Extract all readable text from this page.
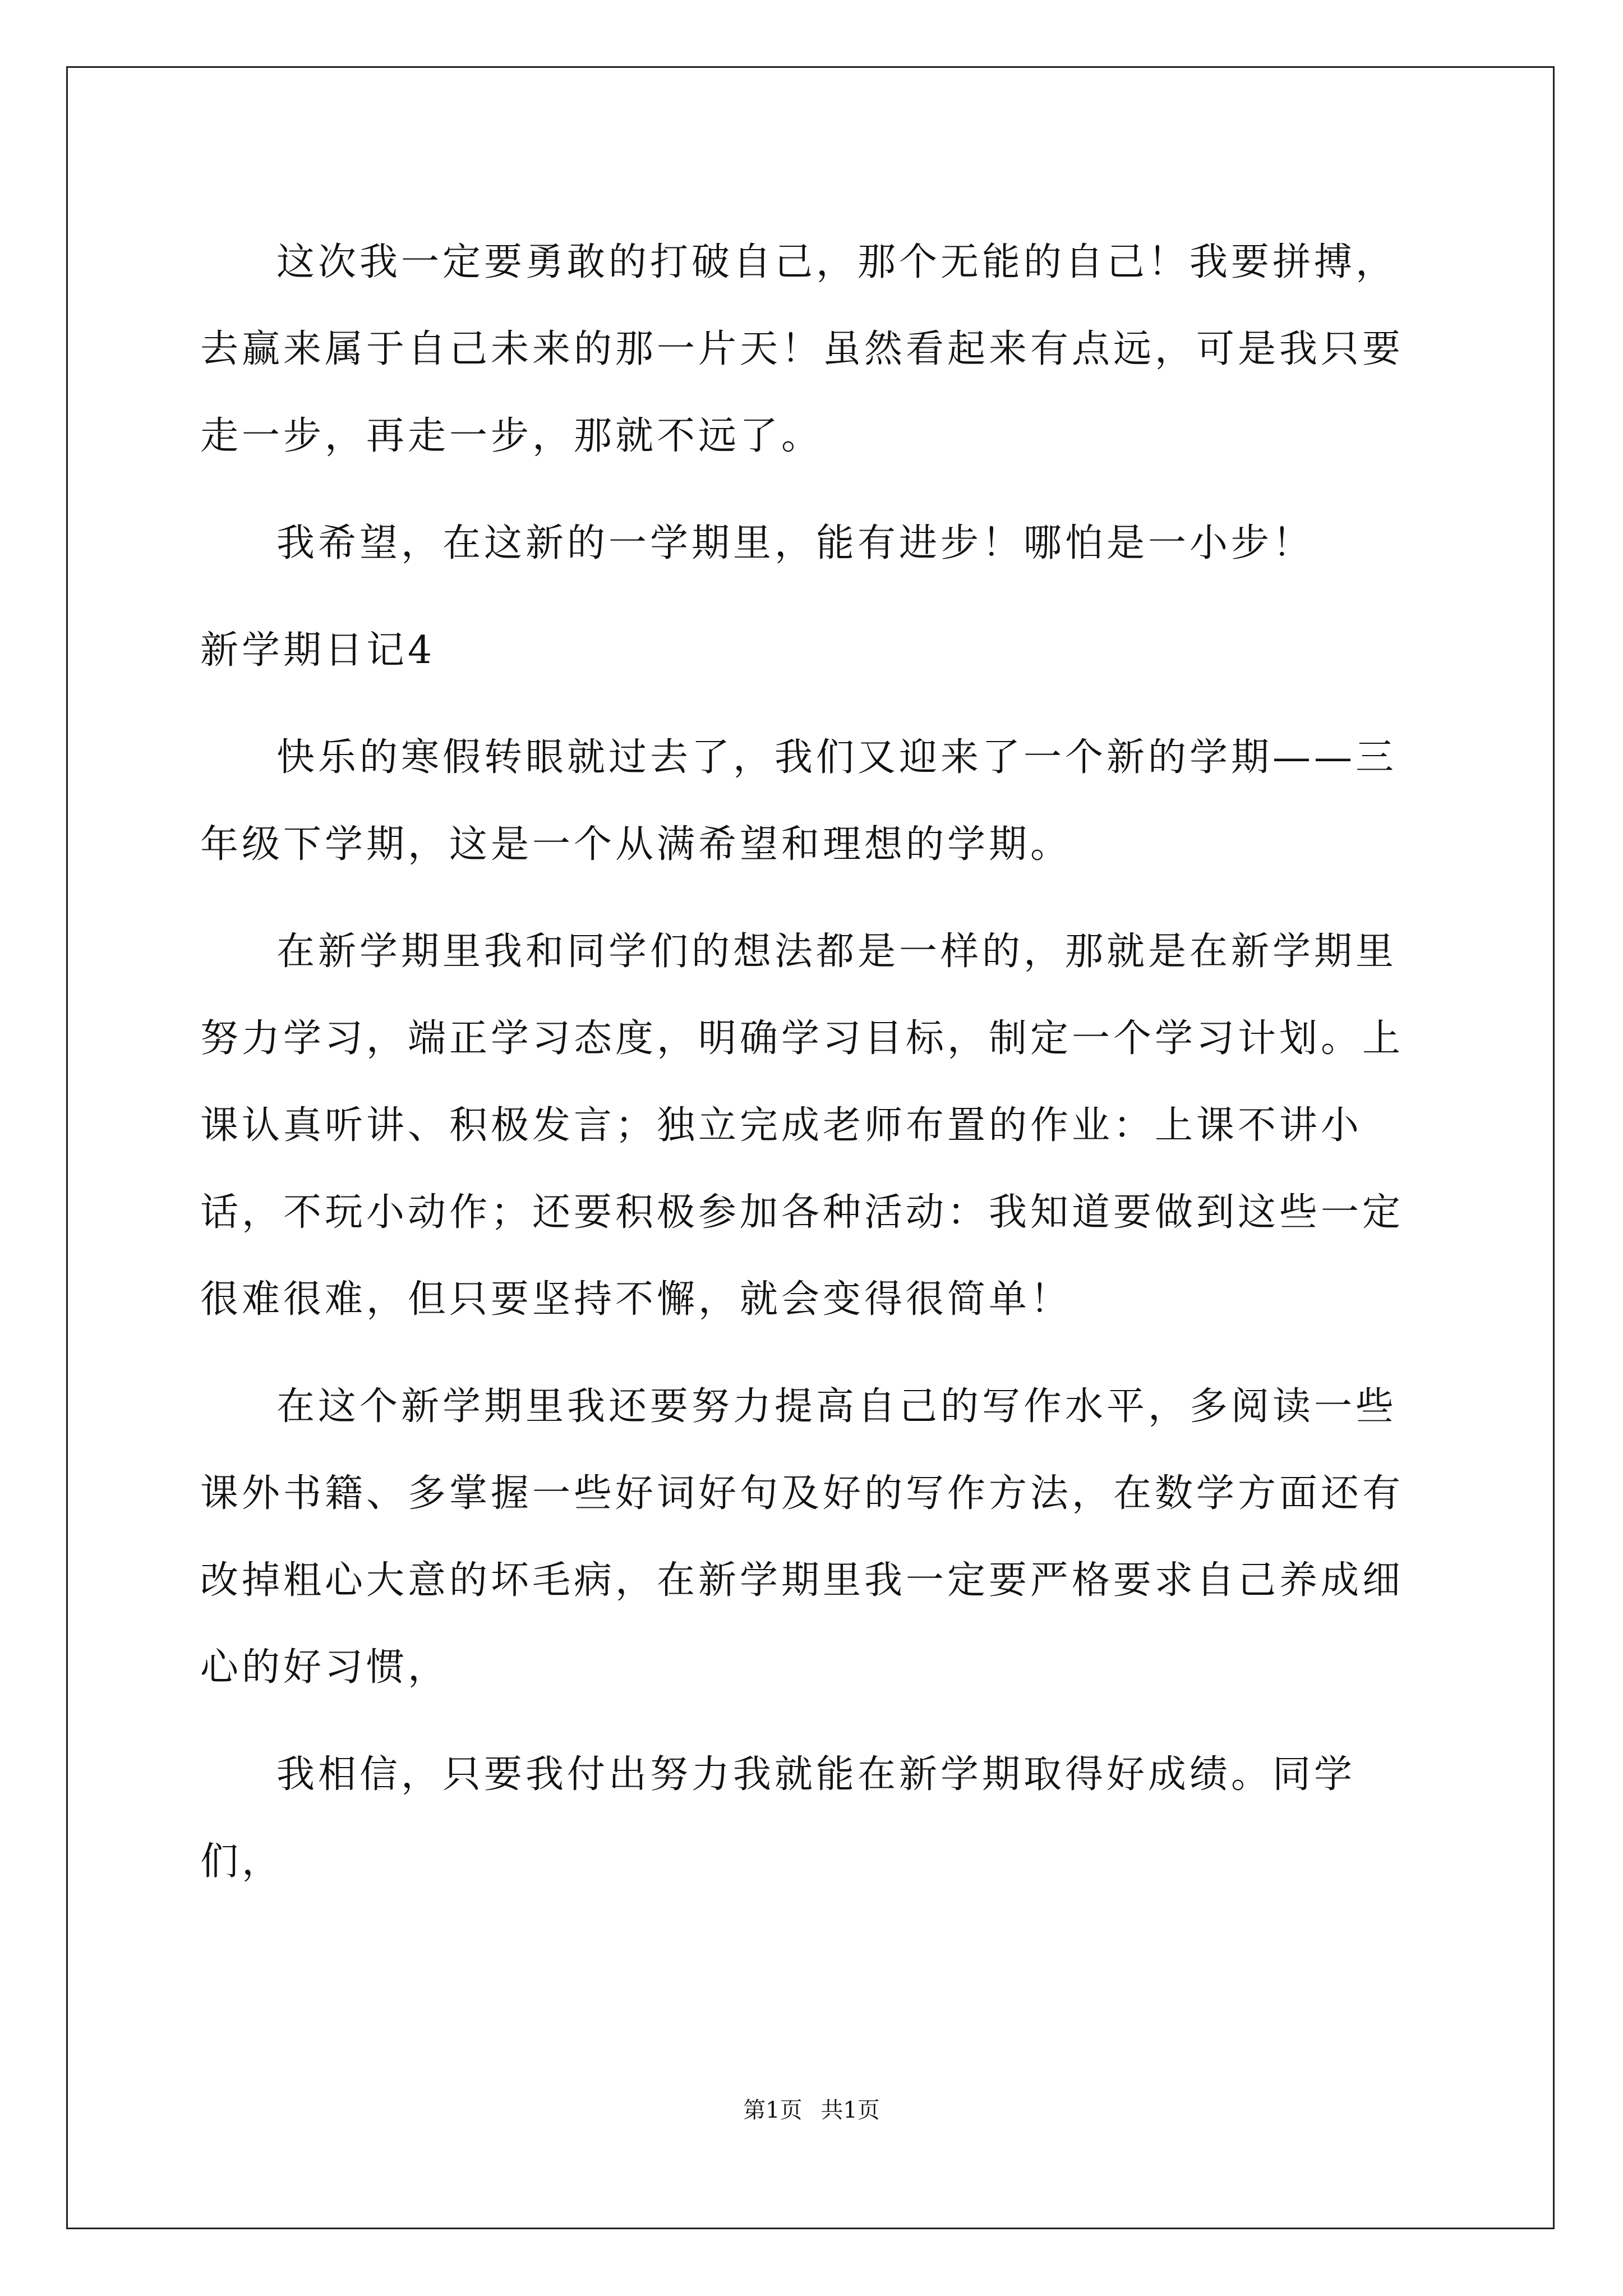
这次我一定要勇敢的打破自己，那个无能的自己！我要拼搏，去赢来属于自己未来的那一片天！虽然看起来有点远，可是我只要走一步，再走一步，那就不远了。

我希望，在这新的一学期里，能有进步！哪怕是一小步！

新学期日记4

快乐的寒假转眼就过去了，我们又迎来了一个新的学期——三年级下学期，这是一个从满希望和理想的学期。

在新学期里我和同学们的想法都是一样的，那就是在新学期里努力学习，端正学习态度，明确学习目标，制定一个学习计划。上课认真听讲、积极发言；独立完成老师布置的作业：上课不讲小话，不玩小动作；还要积极参加各种活动：我知道要做到这些一定很难很难，但只要坚持不懈，就会变得很简单！

在这个新学期里我还要努力提高自己的写作水平，多阅读一些课外书籍、多掌握一些好词好句及好的写作方法，在数学方面还有改掉粗心大意的坏毛病，在新学期里我一定要严格要求自己养成细心的好习惯，

我相信，只要我付出努力我就能在新学期取得好成绩。同学们，

第1页 共1页
